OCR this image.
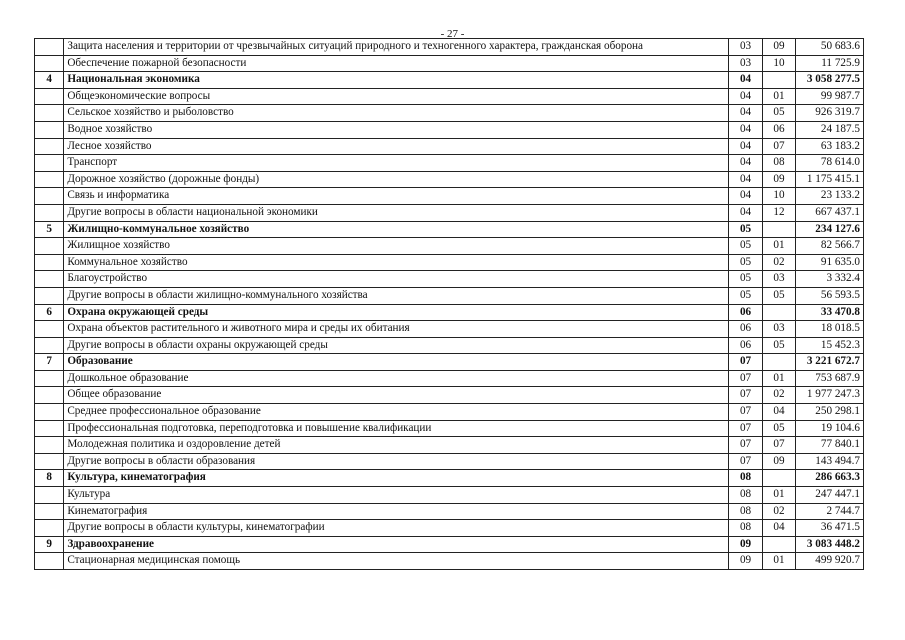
- 27 -
	Защита населения и территории от чрезвычайных ситуаций природного и техногенного характера, гражданская оборона	03	09	50 683.6
	Обеспечение пожарной безопасности	03	10	11 725.9
4	Национальная экономика	04		3 058 277.5
	Общеэкономические вопросы	04	01	99 987.7
	Сельское хозяйство и рыболовство	04	05	926 319.7
	Водное хозяйство	04	06	24 187.5
	Лесное хозяйство	04	07	63 183.2
	Транспорт	04	08	78 614.0
	Дорожное хозяйство (дорожные фонды)	04	09	1 175 415.1
	Связь и информатика	04	10	23 133.2
	Другие вопросы в области национальной экономики	04	12	667 437.1
5	Жилищно-коммунальное хозяйство	05		234 127.6
	Жилищное хозяйство	05	01	82 566.7
	Коммунальное хозяйство	05	02	91 635.0
	Благоустройство	05	03	3 332.4
	Другие вопросы в области жилищно-коммунального хозяйства	05	05	56 593.5
6	Охрана окружающей среды	06		33 470.8
	Охрана объектов растительного и животного мира и среды их обитания	06	03	18 018.5
	Другие вопросы в области охраны окружающей среды	06	05	15 452.3
7	Образование	07		3 221 672.7
	Дошкольное образование	07	01	753 687.9
	Общее образование	07	02	1 977 247.3
	Среднее профессиональное образование	07	04	250 298.1
	Профессиональная подготовка, переподготовка и повышение квалификации	07	05	19 104.6
	Молодежная политика и оздоровление детей	07	07	77 840.1
	Другие вопросы в области образования	07	09	143 494.7
8	Культура, кинематография	08		286 663.3
	Культура	08	01	247 447.1
	Кинематография	08	02	2 744.7
	Другие вопросы в области культуры, кинематографии	08	04	36 471.5
9	Здравоохранение	09		3 083 448.2
	Стационарная медицинская помощь	09	01	499 920.7
